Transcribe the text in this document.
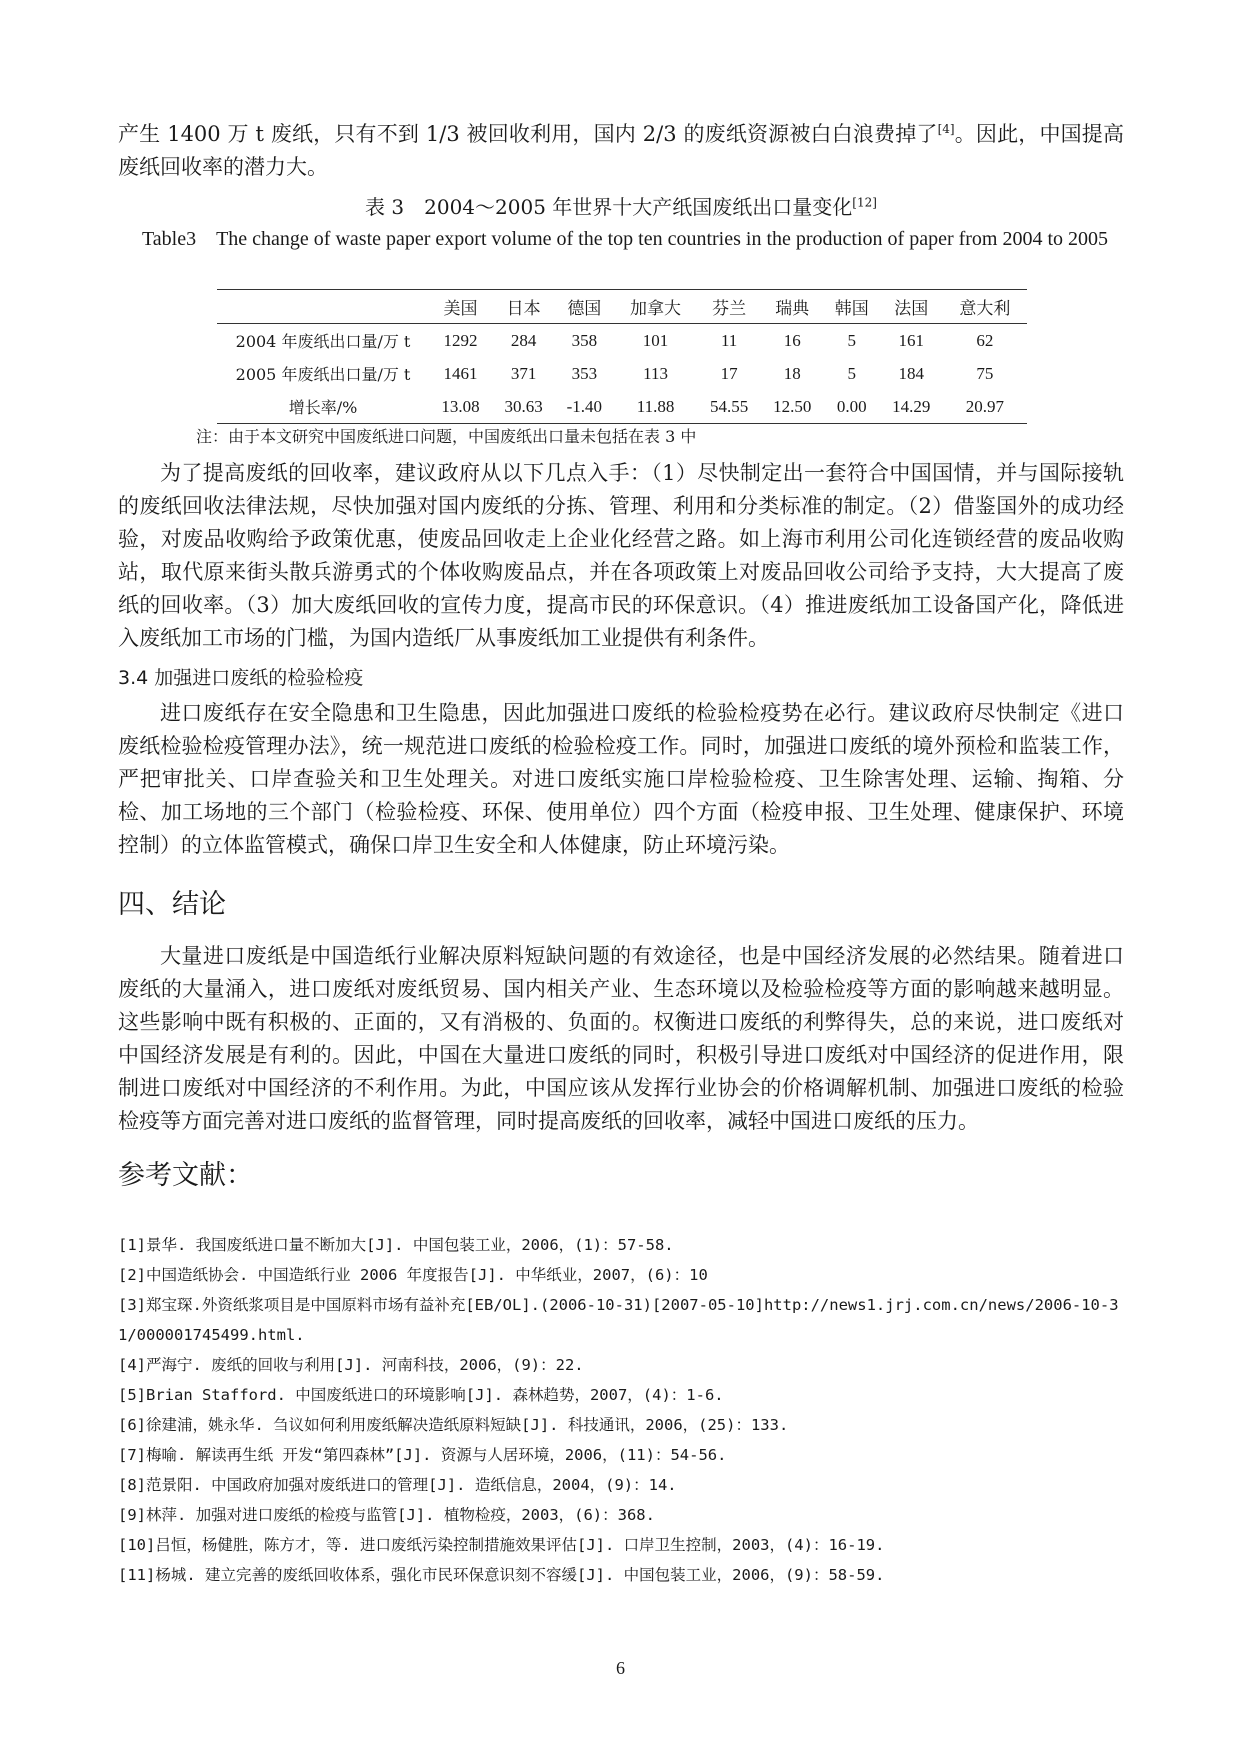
产生 1400 万 t 废纸，只有不到 1/3 被回收利用，国内 2/3 的废纸资源被白白浪费掉了[4]。因此，中国提高废纸回收率的潜力大。
表 3　2004～2005 年世界十大产纸国废纸出口量变化[12]
Table3　The change of waste paper export volume of the top ten countries in the production of paper from 2004 to 2005
	美国	日本	德国	加拿大	芬兰	瑞典	韩国	法国	意大利
2004 年废纸出口量/万 t	1292	284	358	101	11	16	5	161	62
2005 年废纸出口量/万 t	1461	371	353	113	17	18	5	184	75
增长率/%	13.08	30.63	-1.40	11.88	54.55	12.50	0.00	14.29	20.97
注：由于本文研究中国废纸进口问题，中国废纸出口量未包括在表 3 中
为了提高废纸的回收率，建议政府从以下几点入手：（1）尽快制定出一套符合中国国情，并与国际接轨的废纸回收法律法规，尽快加强对国内废纸的分拣、管理、利用和分类标准的制定。（2）借鉴国外的成功经验，对废品收购给予政策优惠，使废品回收走上企业化经营之路。如上海市利用公司化连锁经营的废品收购站，取代原来街头散兵游勇式的个体收购废品点，并在各项政策上对废品回收公司给予支持，大大提高了废纸的回收率。（3）加大废纸回收的宣传力度，提高市民的环保意识。（4）推进废纸加工设备国产化，降低进入废纸加工市场的门槛，为国内造纸厂从事废纸加工业提供有利条件。
3.4 加强进口废纸的检验检疫
进口废纸存在安全隐患和卫生隐患，因此加强进口废纸的检验检疫势在必行。建议政府尽快制定《进口废纸检验检疫管理办法》，统一规范进口废纸的检验检疫工作。同时，加强进口废纸的境外预检和监装工作，严把审批关、口岸查验关和卫生处理关。对进口废纸实施口岸检验检疫、卫生除害处理、运输、掏箱、分检、加工场地的三个部门（检验检疫、环保、使用单位）四个方面（检疫申报、卫生处理、健康保护、环境控制）的立体监管模式，确保口岸卫生安全和人体健康，防止环境污染。
四、结论
大量进口废纸是中国造纸行业解决原料短缺问题的有效途径，也是中国经济发展的必然结果。随着进口废纸的大量涌入，进口废纸对废纸贸易、国内相关产业、生态环境以及检验检疫等方面的影响越来越明显。这些影响中既有积极的、正面的，又有消极的、负面的。权衡进口废纸的利弊得失，总的来说，进口废纸对中国经济发展是有利的。因此，中国在大量进口废纸的同时，积极引导进口废纸对中国经济的促进作用，限制进口废纸对中国经济的不利作用。为此，中国应该从发挥行业协会的价格调解机制、加强进口废纸的检验检疫等方面完善对进口废纸的监督管理，同时提高废纸的回收率，减轻中国进口废纸的压力。
参考文献：
[1]景华. 我国废纸进口量不断加大[J]. 中国包装工业，2006，(1)：57-58.
[2]中国造纸协会. 中国造纸行业 2006 年度报告[J]. 中华纸业，2007，(6)：10
[3]郑宝琛.外资纸浆项目是中国原料市场有益补充[EB/OL].(2006-10-31)[2007-05-10]http://news1.jrj.com.cn/news/2006-10-31/000001745499.html.
[4]严海宁. 废纸的回收与利用[J]. 河南科技，2006，(9)：22.
[5]Brian Stafford. 中国废纸进口的环境影响[J]. 森林趋势，2007，(4)：1-6.
[6]徐建浦，姚永华. 刍议如何利用废纸解决造纸原料短缺[J]. 科技通讯，2006，(25)：133.
[7]梅喻. 解读再生纸 开发“第四森林”[J]. 资源与人居环境，2006，(11)：54-56.
[8]范景阳. 中国政府加强对废纸进口的管理[J]. 造纸信息，2004，(9)：14.
[9]林萍. 加强对进口废纸的检疫与监管[J]. 植物检疫，2003，(6)：368.
[10]吕恒，杨健胜，陈方才，等. 进口废纸污染控制措施效果评估[J]. 口岸卫生控制，2003，(4)：16-19.
[11]杨城. 建立完善的废纸回收体系，强化市民环保意识刻不容缓[J]. 中国包装工业，2006，(9)：58-59.
6
